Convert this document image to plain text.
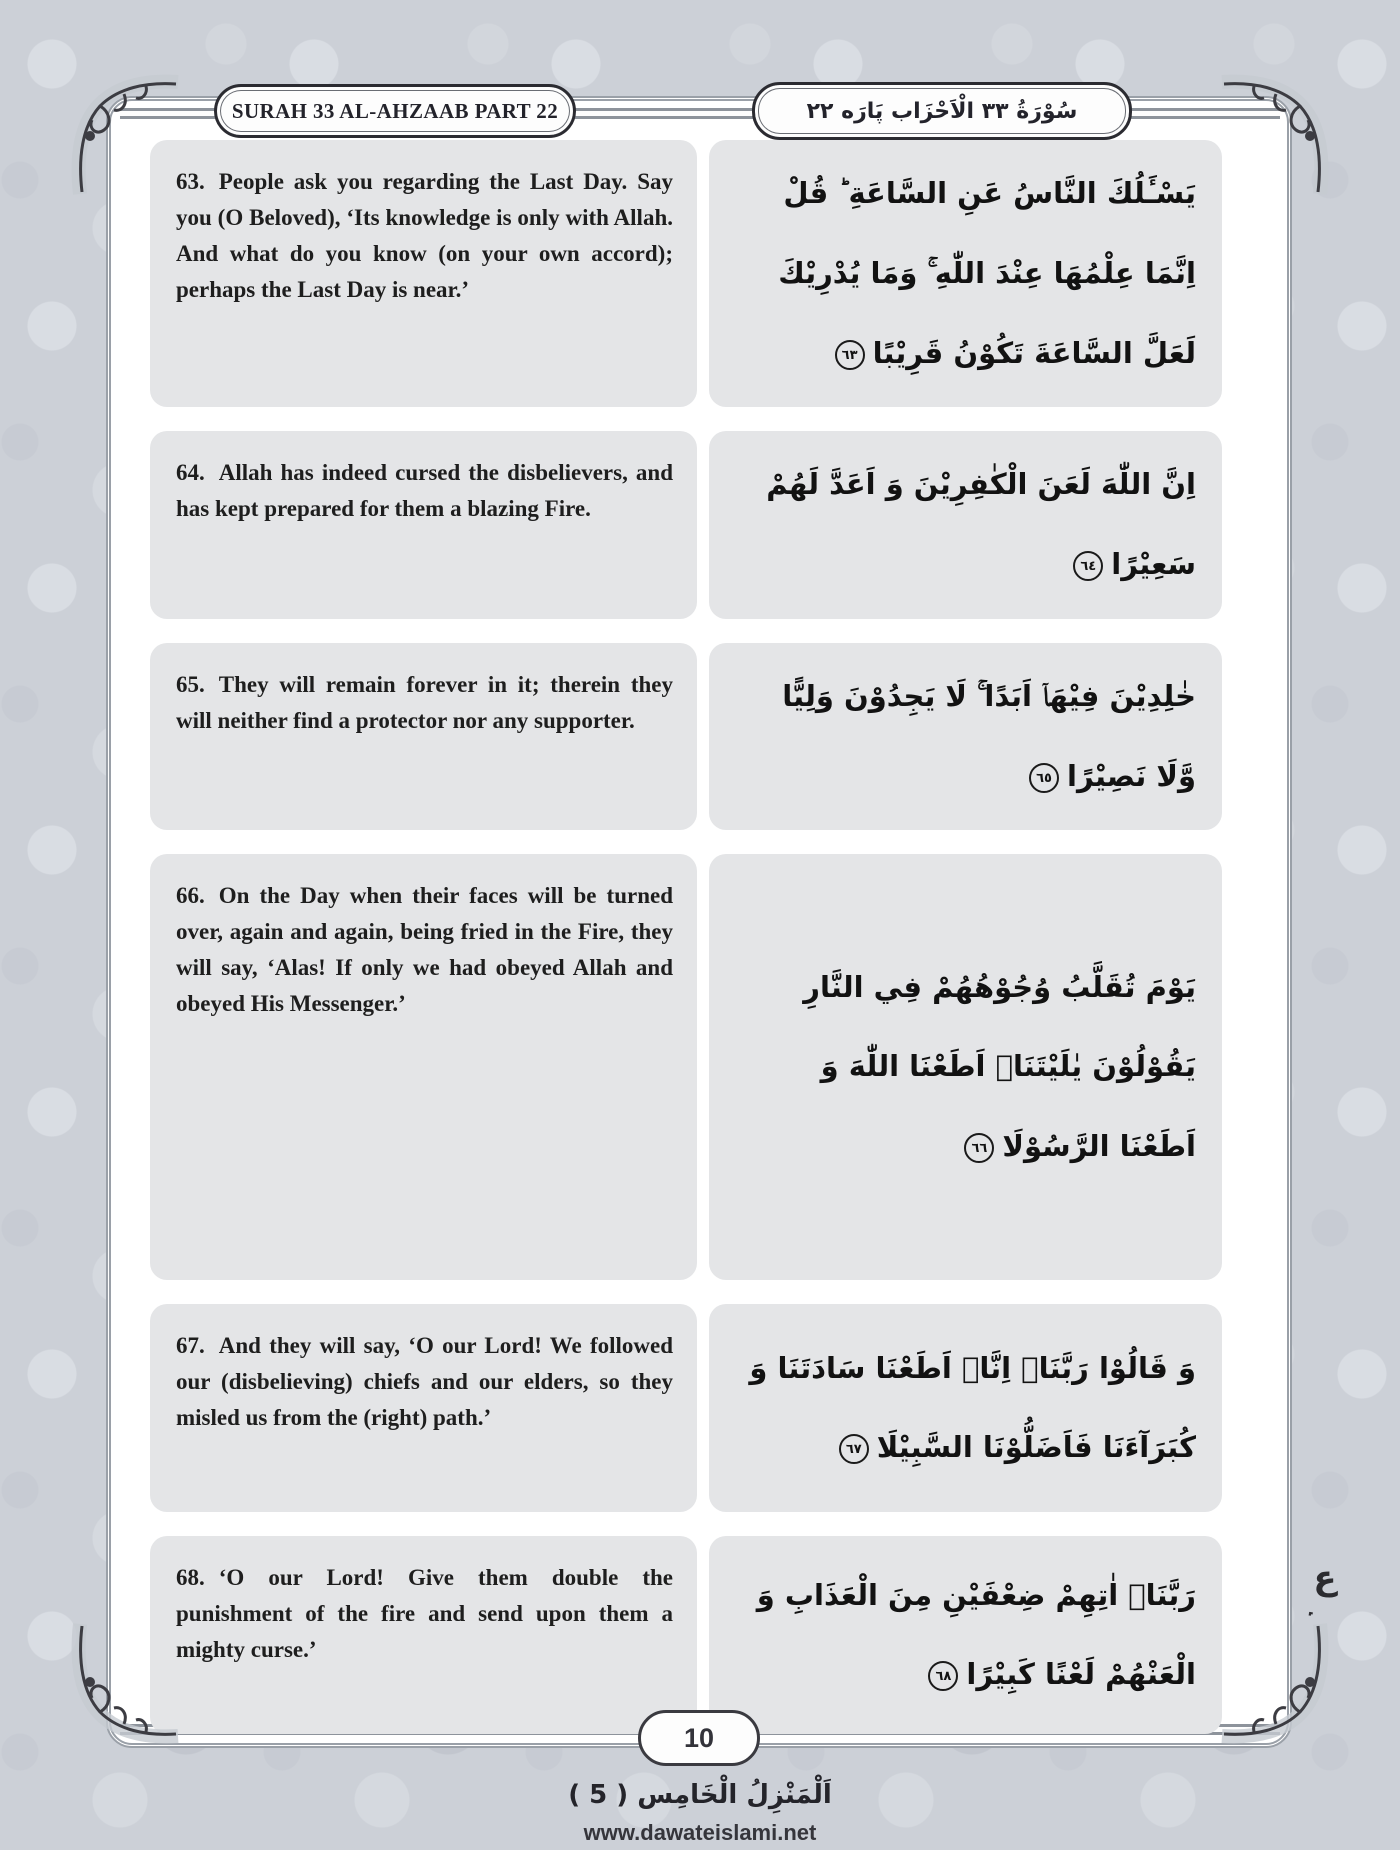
SURAH 33 AL-AHZAAB PART 22	سُوْرَةُ ٣٣ الْاَحْزَاب پَارَه ٢٢
63. People ask you regarding the Last Day. Say you (O Beloved), ‘Its knowledge is only with Allah. And what do you know (on your own accord); perhaps the Last Day is near.’
يَسْـَٔلُكَ النَّاسُ عَنِ السَّاعَةِ ؕ قُلْ اِنَّمَا عِلْمُهَا عِنْدَ اللّٰهِ ۚ وَمَا يُدْرِيْكَ لَعَلَّ السَّاعَةَ تَكُوْنُ قَرِيْبًا٦٣
64. Allah has indeed cursed the disbelievers, and has kept prepared for them a blazing Fire.
اِنَّ اللّٰهَ لَعَنَ الْكٰفِرِيْنَ وَ اَعَدَّ لَهُمْ سَعِيْرًا٦٤
65. They will remain forever in it; therein they will neither find a protector nor any supporter.
خٰلِدِيْنَ فِيْهَاۤ اَبَدًا ۚ لَا يَجِدُوْنَ وَلِيًّا وَّلَا نَصِيْرًا٦٥
66. On the Day when their faces will be turned over, again and again, being fried in the Fire, they will say, ‘Alas! If only we had obeyed Allah and obeyed His Messenger.’
يَوْمَ تُقَلَّبُ وُجُوْهُهُمْ فِي النَّارِ يَقُوْلُوْنَ يٰلَيْتَنَاۤ اَطَعْنَا اللّٰهَ وَ اَطَعْنَا الرَّسُوْلَا٦٦
67. And they will say, ‘O our Lord! We followed our (disbelieving) chiefs and our elders, so they misled us from the (right) path.’
وَ قَالُوْا رَبَّنَاۤ اِنَّاۤ اَطَعْنَا سَادَتَنَا وَ كُبَرَآءَنَا فَاَضَلُّوْنَا السَّبِيْلَا٦٧
68. ‘O our Lord! Give them double the punishment of the fire and send upon them a mighty curse.’
رَبَّنَاۤ اٰتِهِمْ ضِعْفَيْنِ مِنَ الْعَذَابِ وَ الْعَنْهُمْ لَعْنًا كَبِيْرًا٦٨
ع
ۛ
10
اَلْمَنْزِلُ الْخَامِس ( 5 )
www.dawateislami.net
